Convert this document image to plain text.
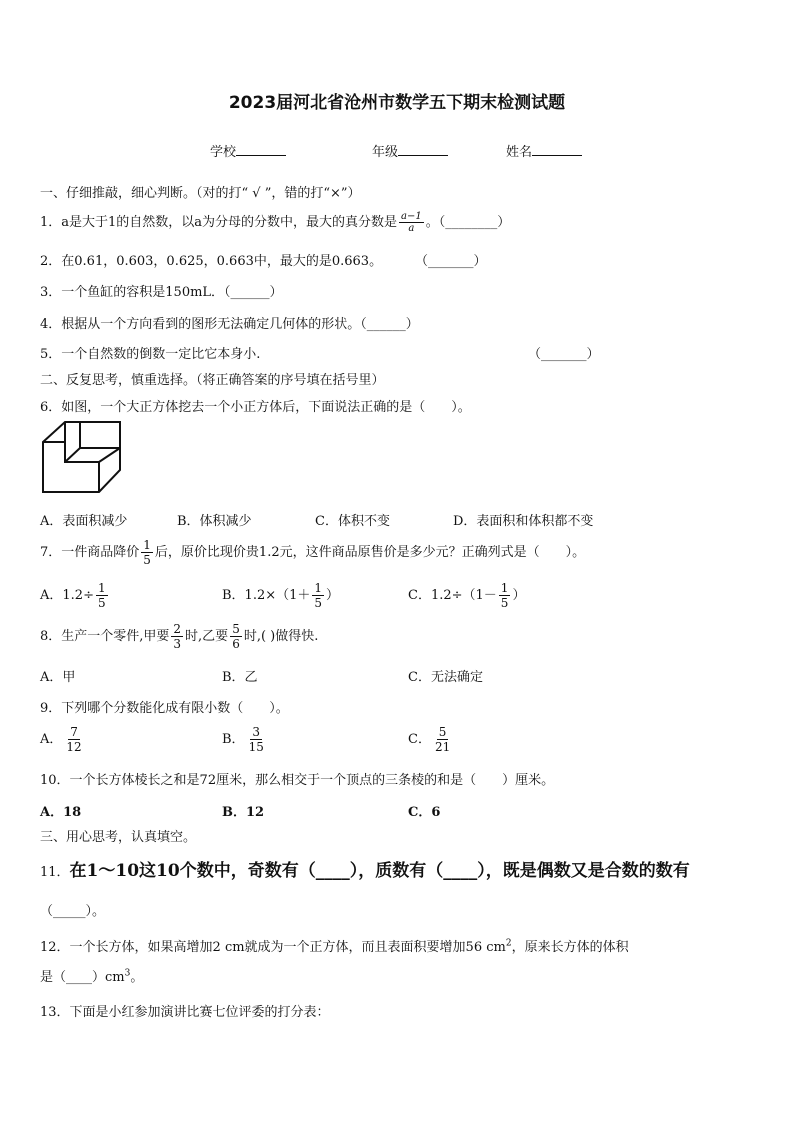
2023届河北省沧州市数学五下期末检测试题
学校	年级	姓名
一、仔细推敲，细心判断。（对的打“ √ ”，错的打“×”）
1．a是大于1的自然数，以a为分母的分数中，最大的真分数是 $\frac{a-1}{a}$ 。（________）
2．在0.61，0.603，0.625，0.663中，最大的是0.663。	（_______）
3．一个鱼缸的容积是150mL．（______）
4．根据从一个方向看到的图形无法确定几何体的形状。（______）
5．一个自然数的倒数一定比它本身小.	（_______）
二、反复思考，慎重选择。（将正确答案的序号填在括号里）
6．如图，一个大正方体挖去一个小正方体后，下面说法正确的是（　　）。
A．表面积减少	B．体积减少	C．体积不变	D．表面积和体积都不变
7．一件商品降价 $\frac{1}{5}$ 后，原价比现价贵1.2元，这件商品原售价是多少元？正确列式是（　　）。
A．$1.2\div \frac{1}{5}$	B．$1.2\times(1+ \frac{1}{5}$ ）	C．$1.2\div(1- \frac{1}{5}$ ）
8．生产一个零件,甲要 $\frac{2}{3}$ 时,乙要 $\frac{5}{6}$ 时,( )做得快.
A．甲	B．乙	C．无法确定
9．下列哪个分数能化成有限小数（　　）。
A． $\frac{7}{12}$	B． $\frac{3}{15}$	C． $\frac{5}{21}$
10．一个长方体棱长之和是72厘米，那么相交于一个顶点的三条棱的和是（　　）厘米。
A．18	B．12	C．6
三、用心思考，认真填空。
11．在1～10这10个数中，奇数有（____），质数有（____），既是偶数又是合数的数有
（_____）。
12．一个长方体，如果高增加2 cm就成为一个正方体，而且表面积要增加56 $cm^2$，原来长方体的体积
是$(\_\_\_\_)cm^3$。
13．下面是小红参加演讲比赛七位评委的打分表：
